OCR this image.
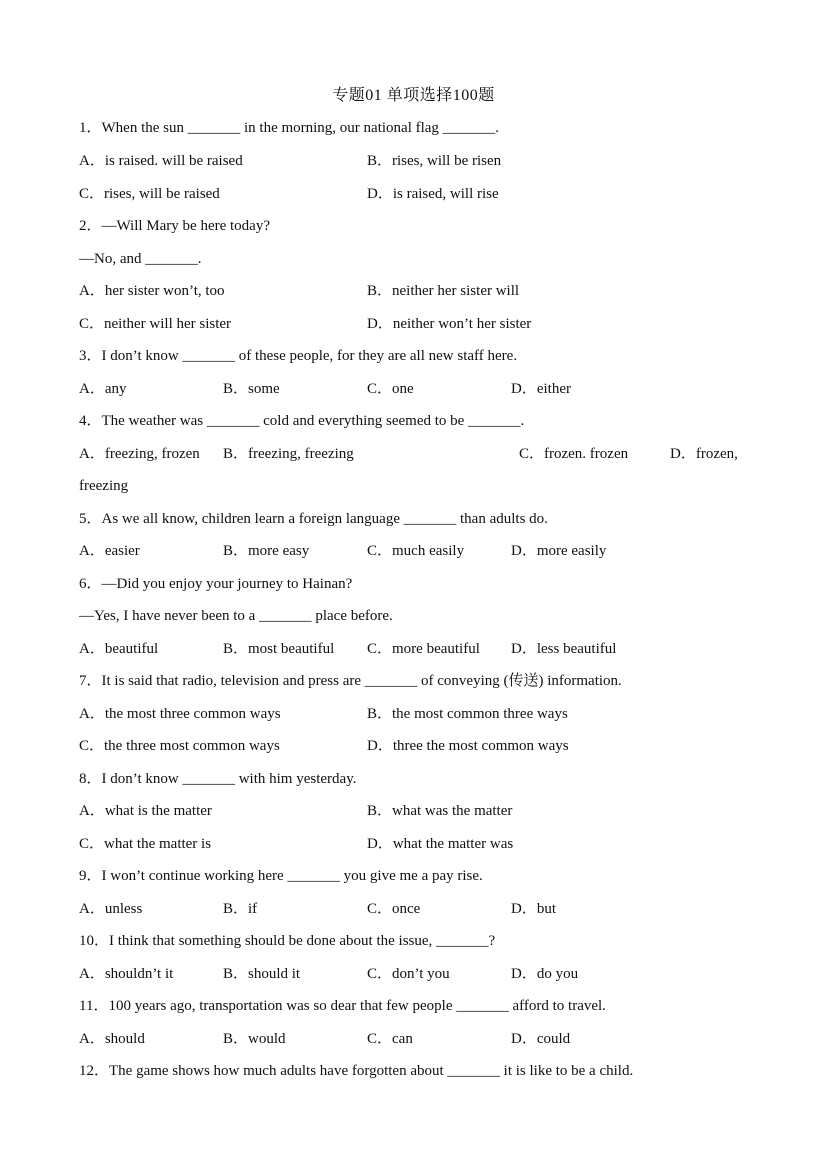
专题01 单项选择100题
1．When the sun _______ in the morning, our national flag _______.
A．is raised. will be raised	B．rises, will be risen
C．rises, will be raised	D．is raised, will rise
2．—Will Mary be here today?
—No, and _______.
A．her sister won’t, too	B．neither her sister will
C．neither will her sister	D．neither won’t her sister
3．I don’t know _______ of these people, for they are all new staff here.
A．any	B．some	C．one	D．either
4．The weather was _______ cold and everything seemed to be _______.
A．freezing, frozen B．freezing, freezing	C．frozen. frozen	D．frozen,
freezing
5．As we all know, children learn a foreign language _______ than adults do.
A．easier	B．more easy	C．much easily	D．more easily
6．—Did you enjoy your journey to Hainan?
—Yes, I have never been to a _______ place before.
A．beautiful	B．most beautiful C．more beautiful D．less beautiful
7．It is said that radio, television and press are _______ of conveying (传送) information.
A．the most three common ways	B．the most common three ways
C．the three most common ways	D．three the most common ways
8．I don’t know _______ with him yesterday.
A．what is the matter	B．what was the matter
C．what the matter is	D．what the matter was
9．I won’t continue working here _______ you give me a pay rise.
A．unless	B．if	C．once	D．but
10．I think that something should be done about the issue, _______?
A．shouldn’t it	B．should it	C．don’t you	D．do you
11．100 years ago, transportation was so dear that few people _______ afford to travel.
A．should	B．would	C．can	D．could
12．The game shows how much adults have forgotten about _______ it is like to be a child.
